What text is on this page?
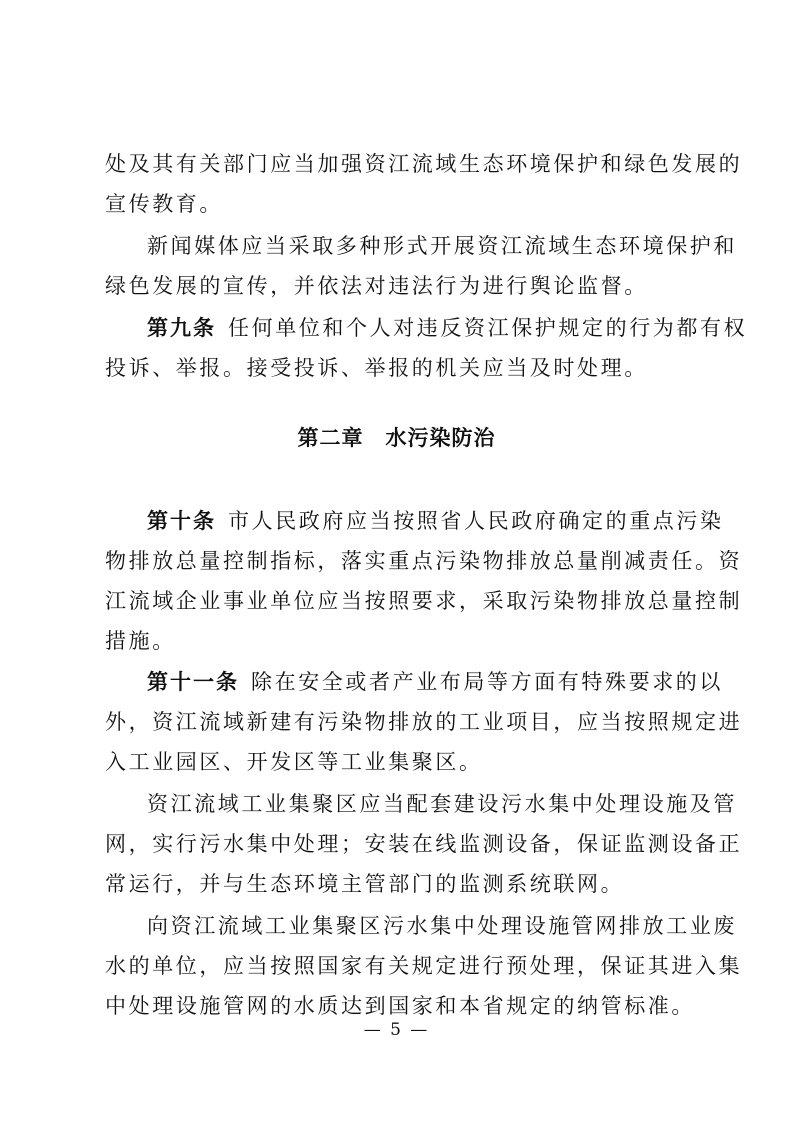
处及其有关部门应当加强资江流域生态环境保护和绿色发展的
宣传教育。
新闻媒体应当采取多种形式开展资江流域生态环境保护和
绿色发展的宣传，并依法对违法行为进行舆论监督。
第九条 任何单位和个人对违反资江保护规定的行为都有权
投诉、举报。接受投诉、举报的机关应当及时处理。
第二章　水污染防治
第十条 市人民政府应当按照省人民政府确定的重点污染
物排放总量控制指标，落实重点污染物排放总量削减责任。资
江流域企业事业单位应当按照要求，采取污染物排放总量控制
措施。
第十一条 除在安全或者产业布局等方面有特殊要求的以
外，资江流域新建有污染物排放的工业项目，应当按照规定进
入工业园区、开发区等工业集聚区。
资江流域工业集聚区应当配套建设污水集中处理设施及管
网，实行污水集中处理；安装在线监测设备，保证监测设备正
常运行，并与生态环境主管部门的监测系统联网。
向资江流域工业集聚区污水集中处理设施管网排放工业废
水的单位，应当按照国家有关规定进行预处理，保证其进入集
中处理设施管网的水质达到国家和本省规定的纳管标准。
— 5 —
